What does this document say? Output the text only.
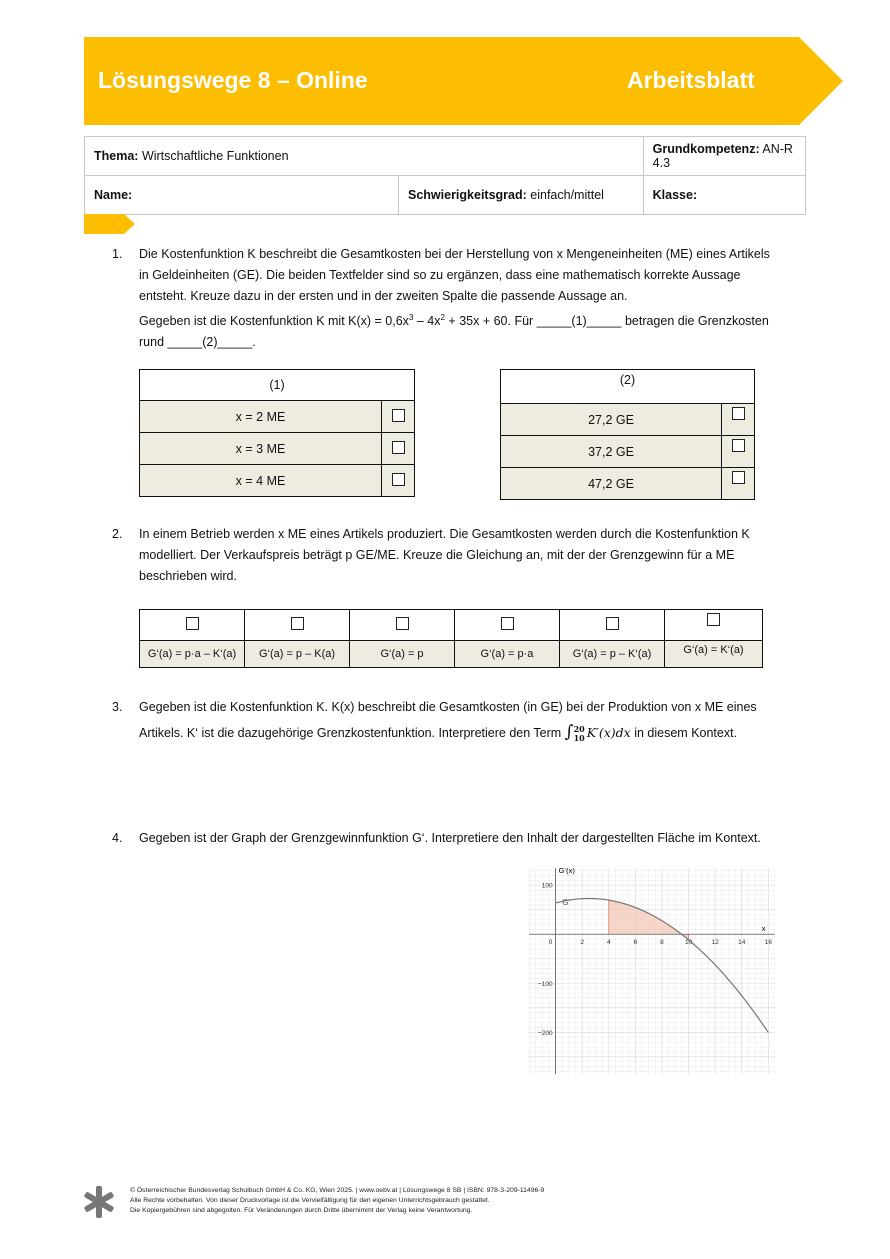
Lösungswege 8 – Online	Arbeitsblatt
Thema: Wirtschaftliche Funktionen		Grundkompetenz: AN-R 4.3
Name:	Schwierigkeitsgrad: einfach/mittel	Klasse:
1.	Die Kostenfunktion K beschreibt die Gesamtkosten bei der Herstellung von x Mengeneinheiten (ME) eines Artikels
in Geldeinheiten (GE). Die beiden Textfelder sind so zu ergänzen, dass eine mathematisch korrekte Aussage
entsteht. Kreuze dazu in der ersten und in der zweiten Spalte die passende Aussage an.
Gegeben ist die Kostenfunktion K mit $K(x) = 0,6x^3 - 4x^2 + 35x + 60$. Für _____(1)_____ betragen die Grenzkosten
rund _____(2)_____.
(1)	
x = 2 ME	
x = 3 ME	
x = 4 ME	
(2)	
27,2 GE	
37,2 GE	
47,2 GE	
2.	In einem Betrieb werden x ME eines Artikels produziert. Die Gesamtkosten werden durch die Kostenfunktion K
modelliert. Der Verkaufspreis beträgt p GE/ME. Kreuze die Gleichung an, mit der der Grenzgewinn für a ME
beschrieben wird.

G‘(a) = p·a – K‘(a)	G‘(a) = p – K(a)	G‘(a) = p	G‘(a) = p·a	G‘(a) = p – K‘(a)	G‘(a) = K‘(a)
3.	Gegeben ist die Kostenfunktion K. K(x) beschreibt die Gesamtkosten (in GE) bei der Produktion von x ME eines
Artikels. K‘ ist die dazugehörige Grenzkostenfunktion. Interpretiere den Term ∫20
10 K′(x)dx in diesem Kontext.
4.	Gegeben ist der Graph der Grenzgewinnfunktion G‘. Interpretiere den Inhalt der dargestellten Fläche im Kontext.
0	2	4	6	8	10	12	14	16
100
−100
−200
G‘(x)
x
G‘
© Österreichischer Bundesverlag Schulbuch GmbH & Co. KG, Wien 2025. | www.oebv.at | Lösungswege 8 SB | ISBN: 978-3-209-11496-9
Alle Rechte vorbehalten. Von dieser Druckvorlage ist die Vervielfältigung für den eigenen Unterrichtsgebrauch gestattet.
Die Kopiergebühren sind abgegolten. Für Veränderungen durch Dritte übernimmt der Verlag keine Verantwortung.
